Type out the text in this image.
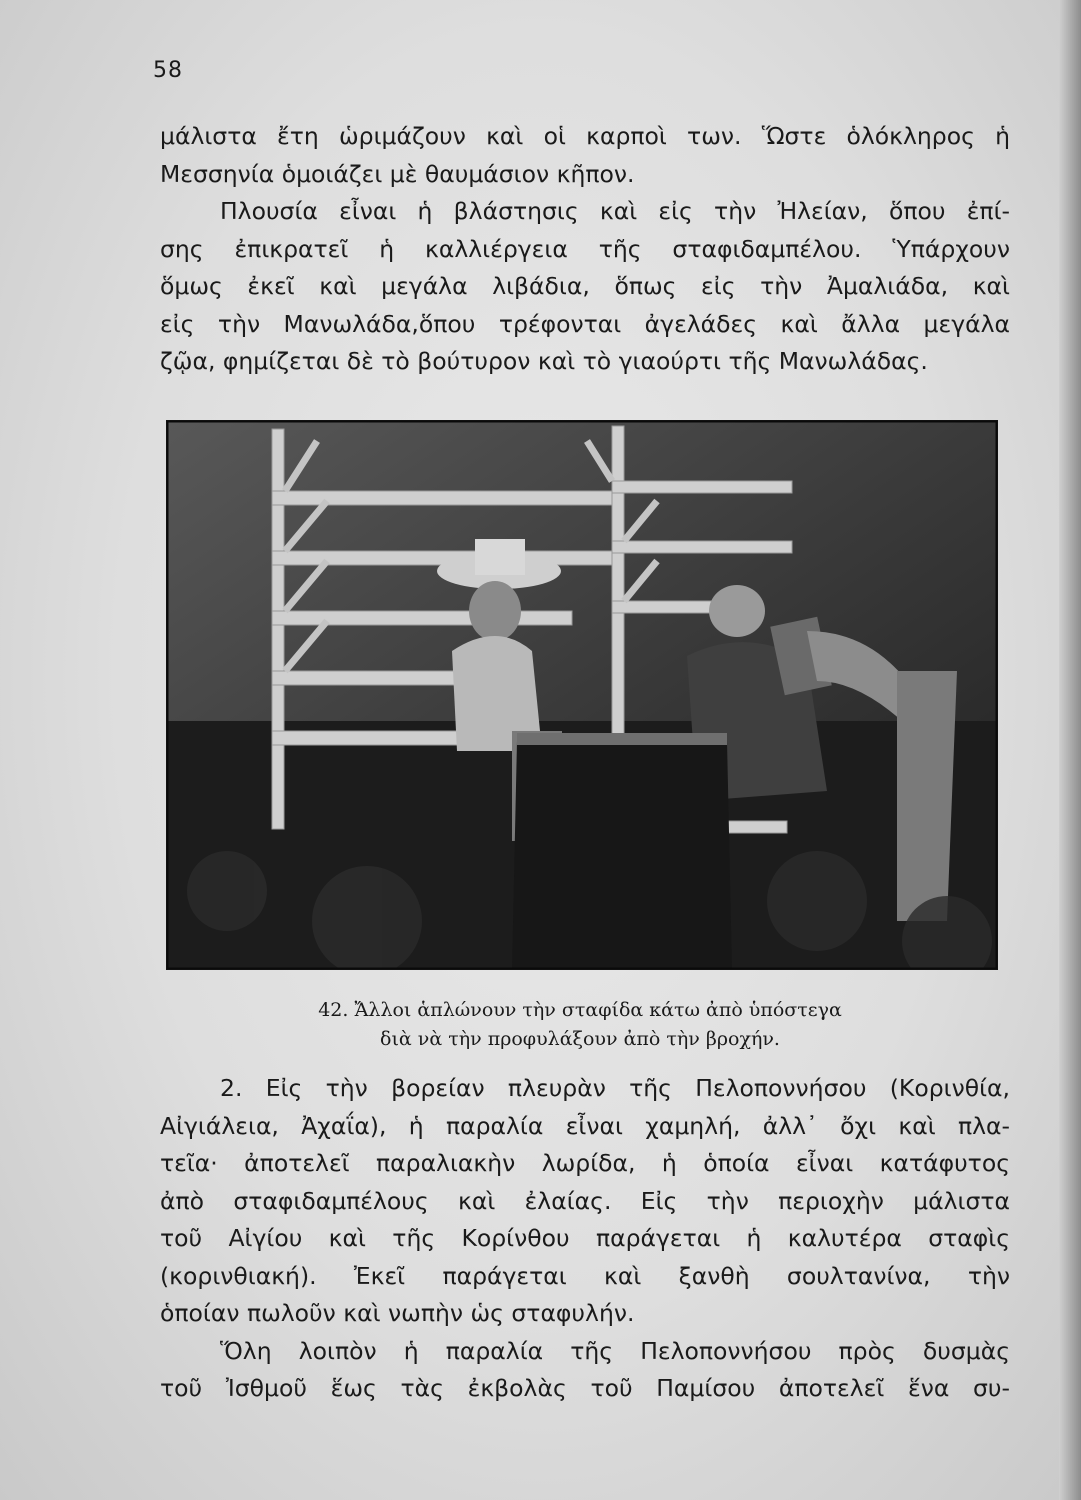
58

μάλιστα ἔτη ὡριμάζουν καὶ οἱ καρποὶ των. Ὥστε ὁλόκληρος ἡ
Μεσσηνία ὁμοιάζει μὲ θαυμάσιον κῆπον.

Πλουσία εἶναι ἡ βλάστησις καὶ εἰς τὴν Ἠλείαν, ὅπου ἐπί-

σης ἐπικρατεῖ ἡ καλλιέργεια τῆς σταφιδαμπέλου. Ὑπάρχουν
ὅμως ἐκεῖ καὶ μεγάλα λιβάδια, ὅπως εἰς τὴν Ἀμαλιάδα, καὶ
εἰς τὴν Μανωλάδα,ὅπου τρέφονται ἀγελάδες καὶ ἄλλα μεγάλα
ζῷα, φημίζεται δὲ τὸ βούτυρον καὶ τὸ γιαούρτι τῆς Μανωλάδας.

42. Ἄλλοι ἁπλώνουν τὴν σταφίδα κάτω ἀπὸ ὑπόστεγα
διὰ νὰ τὴν προφυλάξουν ἀπὸ τὴν βροχήν.

2. Εἰς τὴν βορείαν πλευρὰν τῆς Πελοποννήσου (Κορινθία,

Αἰγιάλεια, Ἀχαΐα), ἡ παραλία εἶναι χαμηλή, ἀλλ᾽ ὄχι καὶ πλα-
τεῖα· ἀποτελεῖ παραλιακὴν λωρίδα, ἡ ὁποία εἶναι κατάφυτος
ἀπὸ σταφιδαμπέλους καὶ ἐλαίας. Εἰς τὴν περιοχὴν μάλιστα
τοῦ Αἰγίου καὶ τῆς Κορίνθου παράγεται ἡ καλυτέρα σταφὶς
(κορινθιακή). Ἐκεῖ παράγεται καὶ ξανθὴ σουλτανίνα, τὴν
ὁποίαν πωλοῦν καὶ νωπὴν ὡς σταφυλήν.

Ὅλη λοιπὸν ἡ παραλία τῆς Πελοποννήσου πρὸς δυσμὰς

τοῦ Ἰσθμοῦ ἕως τὰς ἐκβολὰς τοῦ Παμίσου ἀποτελεῖ ἕνα συ-
